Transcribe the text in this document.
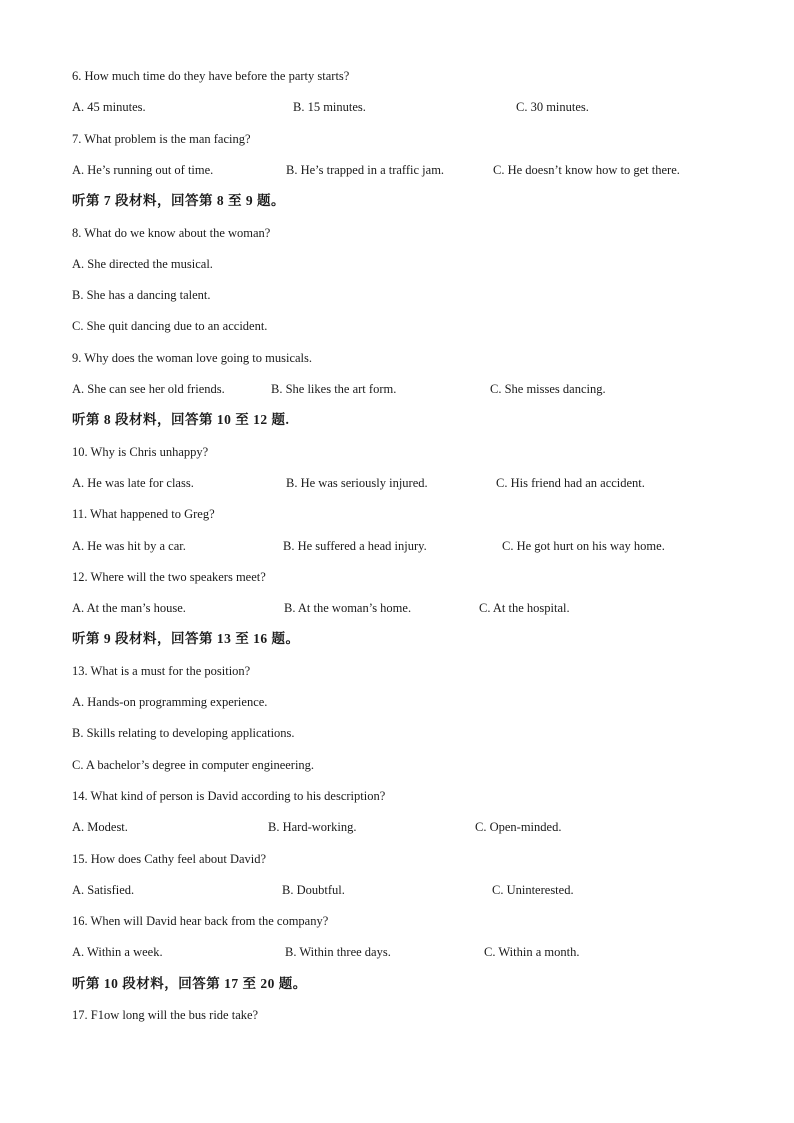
6. How much time do they have before the party starts?
A. 45 minutes.	B. 15 minutes.	C. 30 minutes.
7. What problem is the man facing?
A. He’s running out of time.	B. He’s trapped in a traffic jam.	C. He doesn’t know how to get there.
听第 7 段材料，回答第 8 至 9 题。
8. What do we know about the woman?
A. She directed the musical.
B. She has a dancing talent.
C. She quit dancing due to an accident.
9. Why does the woman love going to musicals.
A. She can see her old friends.	B. She likes the art form.	C. She misses dancing.
听第 8 段材料，回答第 10 至 12 题.
10. Why is Chris unhappy?
A. He was late for class.	B. He was seriously injured.	C. His friend had an accident.
11. What happened to Greg?
A. He was hit by a car.	B. He suffered a head injury.	C. He got hurt on his way home.
12. Where will the two speakers meet?
A. At the man’s house.	B. At the woman’s home.	C. At the hospital.
听第 9 段材料，回答第 13 至 16 题。
13. What is a must for the position?
A. Hands-on programming experience.
B. Skills relating to developing applications.
C. A bachelor’s degree in computer engineering.
14. What kind of person is David according to his description?
A. Modest.	B. Hard-working.	C. Open-minded.
15. How does Cathy feel about David?
A. Satisfied.	B. Doubtful.	C. Uninterested.
16. When will David hear back from the company?
A. Within a week.	B. Within three days.	C. Within a month.
听第 10 段材料，回答第 17 至 20 题。
17. F1ow long will the bus ride take?
